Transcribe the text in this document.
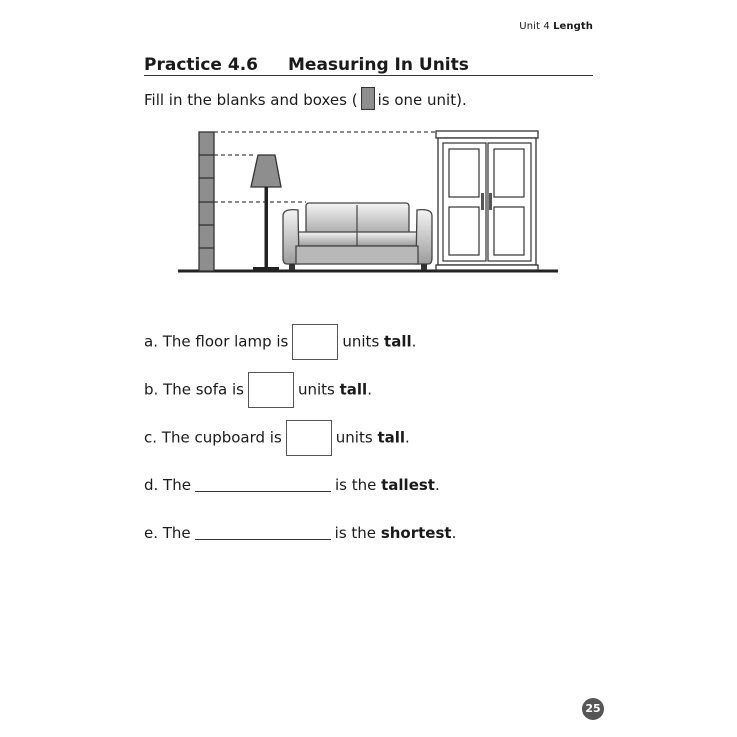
Unit 4 Length
Practice 4.6 Measuring In Units
Fill in the blanks and boxes ( is one unit).
a. The floor lamp is	units tall.
b. The sofa is	units tall.
c. The cupboard is	units tall.
d. The	is the tallest.
e. The	is the shortest.
25
